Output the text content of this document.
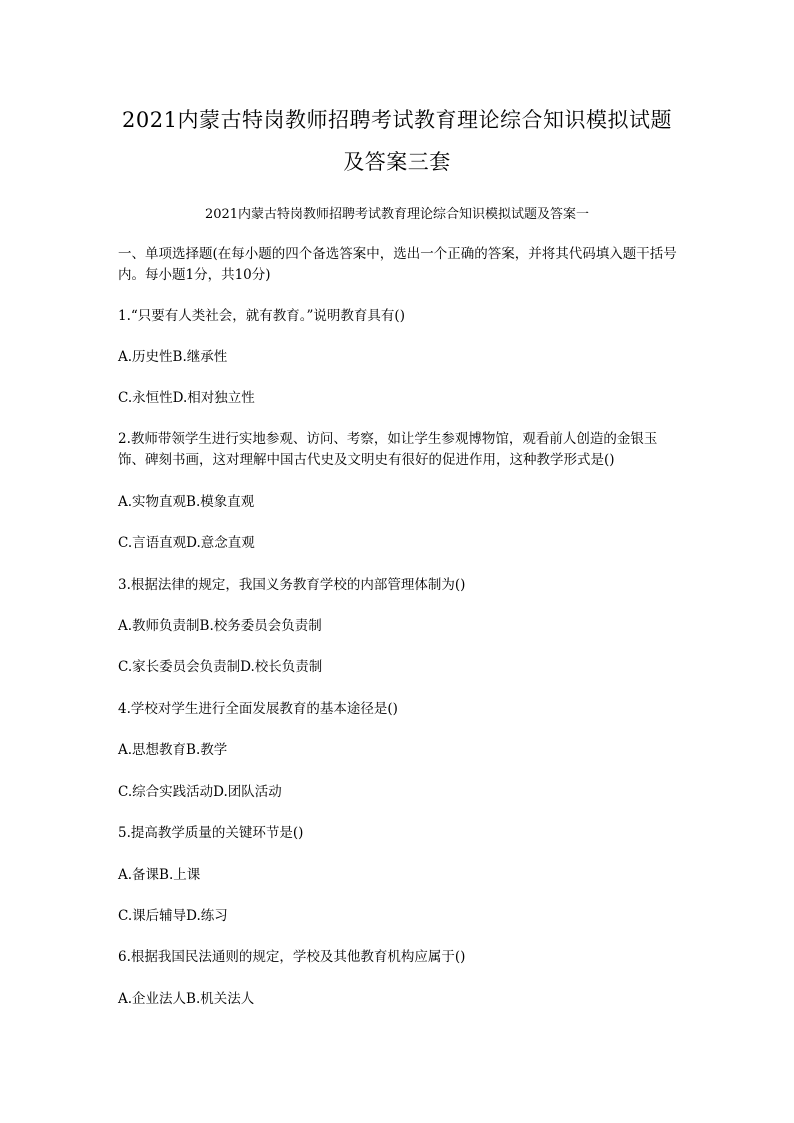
2021内蒙古特岗教师招聘考试教育理论综合知识模拟试题
及答案三套

2021内蒙古特岗教师招聘考试教育理论综合知识模拟试题及答案一

一、单项选择题(在每小题的四个备选答案中，选出一个正确的答案，并将其代码填入题干括号内。每小题1分，共10分)

1.“只要有人类社会，就有教育。”说明教育具有()

A.历史性B.继承性

C.永恒性D.相对独立性

2.教师带领学生进行实地参观、访问、考察，如让学生参观博物馆，观看前人创造的金银玉饰、碑刻书画，这对理解中国古代史及文明史有很好的促进作用，这种教学形式是()

A.实物直观B.模象直观

C.言语直观D.意念直观

3.根据法律的规定，我国义务教育学校的内部管理体制为()

A.教师负责制B.校务委员会负责制

C.家长委员会负责制D.校长负责制

4.学校对学生进行全面发展教育的基本途径是()

A.思想教育B.教学

C.综合实践活动D.团队活动

5.提高教学质量的关键环节是()

A.备课B.上课

C.课后辅导D.练习

6.根据我国民法通则的规定，学校及其他教育机构应属于()

A.企业法人B.机关法人
